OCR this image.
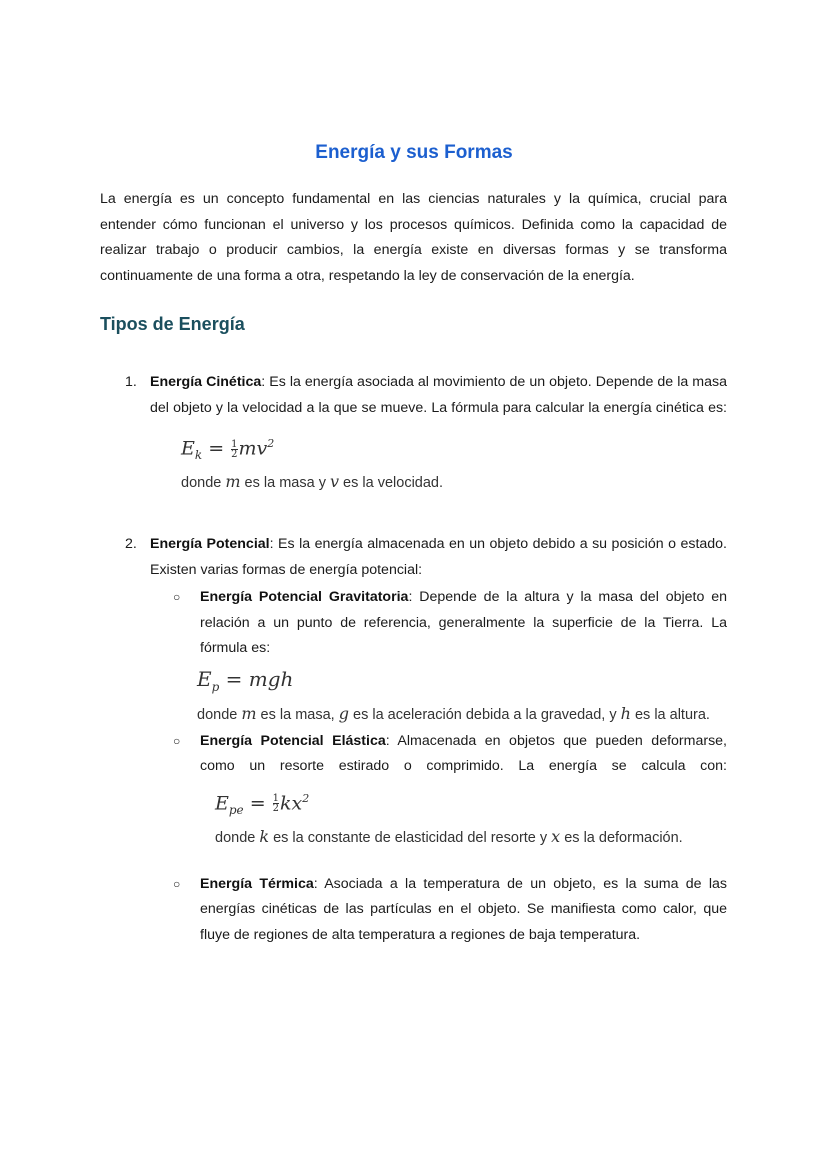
Energía y sus Formas

La energía es un concepto fundamental en las ciencias naturales y la química, crucial para entender cómo funcionan el universo y los procesos químicos. Definida como la capacidad de realizar trabajo o producir cambios, la energía existe en diversas formas y se transforma continuamente de una forma a otra, respetando la ley de conservación de la energía.

Tipos de Energía
1. Energía Cinética: Es la energía asociada al movimiento de un objeto. Depende de la masa del objeto y la velocidad a la que se mueve. La fórmula para calcular la energía cinética es:

$E_k = \frac{1}{2} mv^2$
donde m es la masa y v es la velocidad.
2. Energía Potencial: Es la energía almacenada en un objeto debido a su posición o estado. Existen varias formas de energía potencial:

○	Energía Potencial Gravitatoria: Depende de la altura y la masa del objeto en relación a un punto de referencia, generalmente la superficie de la Tierra. La fórmula es:

$E_p$ = mgh
donde m es la masa, g es la aceleración debida a la gravedad, y h es la altura.
○	Energía Potencial Elástica: Almacenada en objetos que pueden deformarse, como un resorte estirado o comprimido. La energía se calcula con:

$E_{pe} = \frac{1}{2} kx^2$
donde k es la constante de elasticidad del resorte y x es la deformación.
○	Energía Térmica: Asociada a la temperatura de un objeto, es la suma de las energías cinéticas de las partículas en el objeto. Se manifiesta como calor, que fluye de regiones de alta temperatura a regiones de baja temperatura.
